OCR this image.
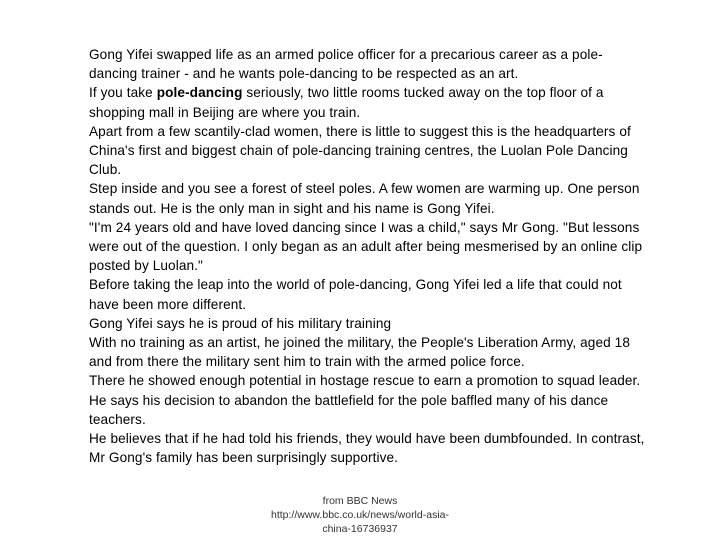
Gong Yifei swapped life as an armed police officer for a precarious career as a pole-dancing trainer - and he wants pole-dancing to be respected as an art.

If you take pole-dancing seriously, two little rooms tucked away on the top floor of a shopping mall in Beijing are where you train.

Apart from a few scantily-clad women, there is little to suggest this is the headquarters of China's first and biggest chain of pole-dancing training centres, the Luolan Pole Dancing Club.

Step inside and you see a forest of steel poles. A few women are warming up. One person stands out. He is the only man in sight and his name is Gong Yifei.

"I'm 24 years old and have loved dancing since I was a child," says Mr Gong. "But lessons were out of the question. I only began as an adult after being mesmerised by an online clip posted by Luolan."

Before taking the leap into the world of pole-dancing, Gong Yifei led a life that could not have been more different.

Gong Yifei says he is proud of his military training

With no training as an artist, he joined the military, the People's Liberation Army, aged 18 and from there the military sent him to train with the armed police force.

There he showed enough potential in hostage rescue to earn a promotion to squad leader.

He says his decision to abandon the battlefield for the pole baffled many of his dance teachers.

He believes that if he had told his friends, they would have been dumbfounded. In contrast, Mr Gong's family has been surprisingly supportive.

from BBC News
http://www.bbc.co.uk/news/world-asia-
china-16736937
